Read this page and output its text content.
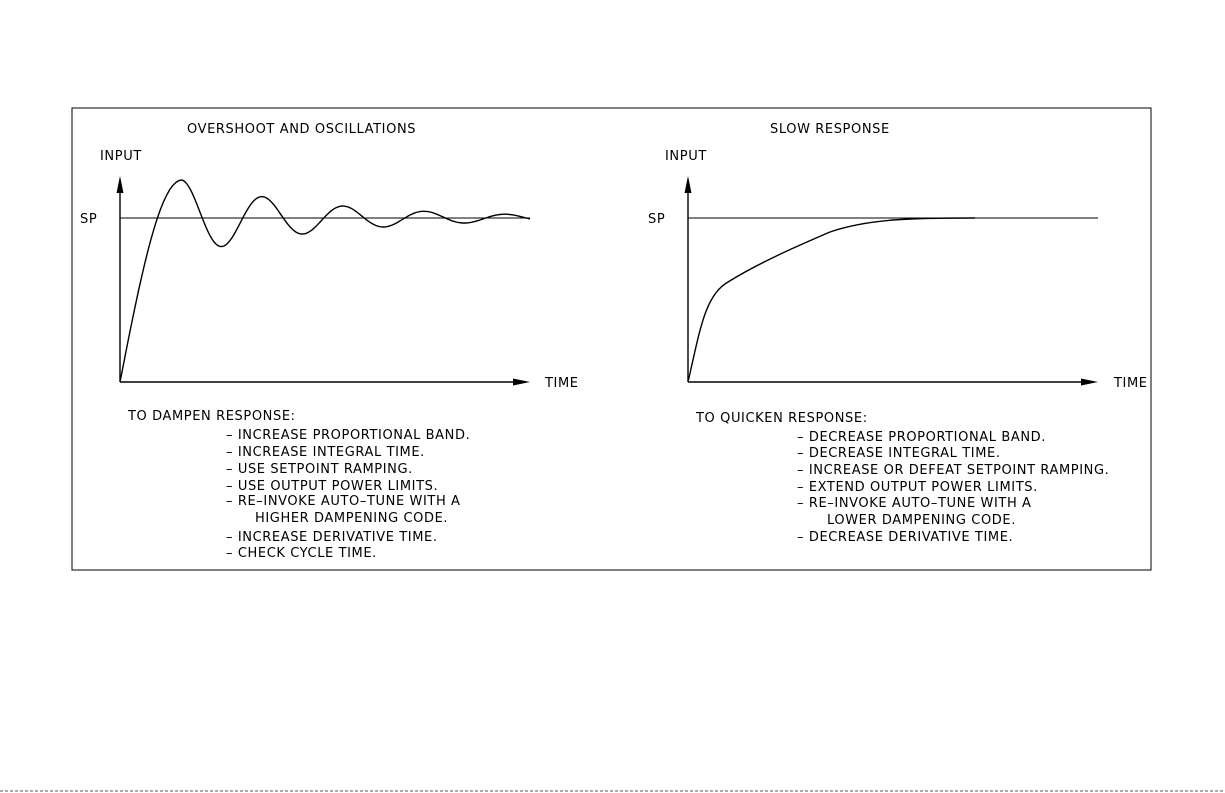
OVERSHOOT AND OSCILLATIONS
INPUT
SP
TIME
TO DAMPEN RESPONSE:
– INCREASE PROPORTIONAL BAND.
– INCREASE INTEGRAL TIME.
– USE SETPOINT RAMPING.
– USE OUTPUT POWER LIMITS.
– RE–INVOKE AUTO–TUNE WITH A
HIGHER DAMPENING CODE.
– INCREASE DERIVATIVE TIME.
– CHECK CYCLE TIME.
SLOW RESPONSE
INPUT
SP
TIME
TO QUICKEN RESPONSE:
– DECREASE PROPORTIONAL BAND.
– DECREASE INTEGRAL TIME.
– INCREASE OR DEFEAT SETPOINT RAMPING.
– EXTEND OUTPUT POWER LIMITS.
– RE–INVOKE AUTO–TUNE WITH A
LOWER DAMPENING CODE.
– DECREASE DERIVATIVE TIME.
